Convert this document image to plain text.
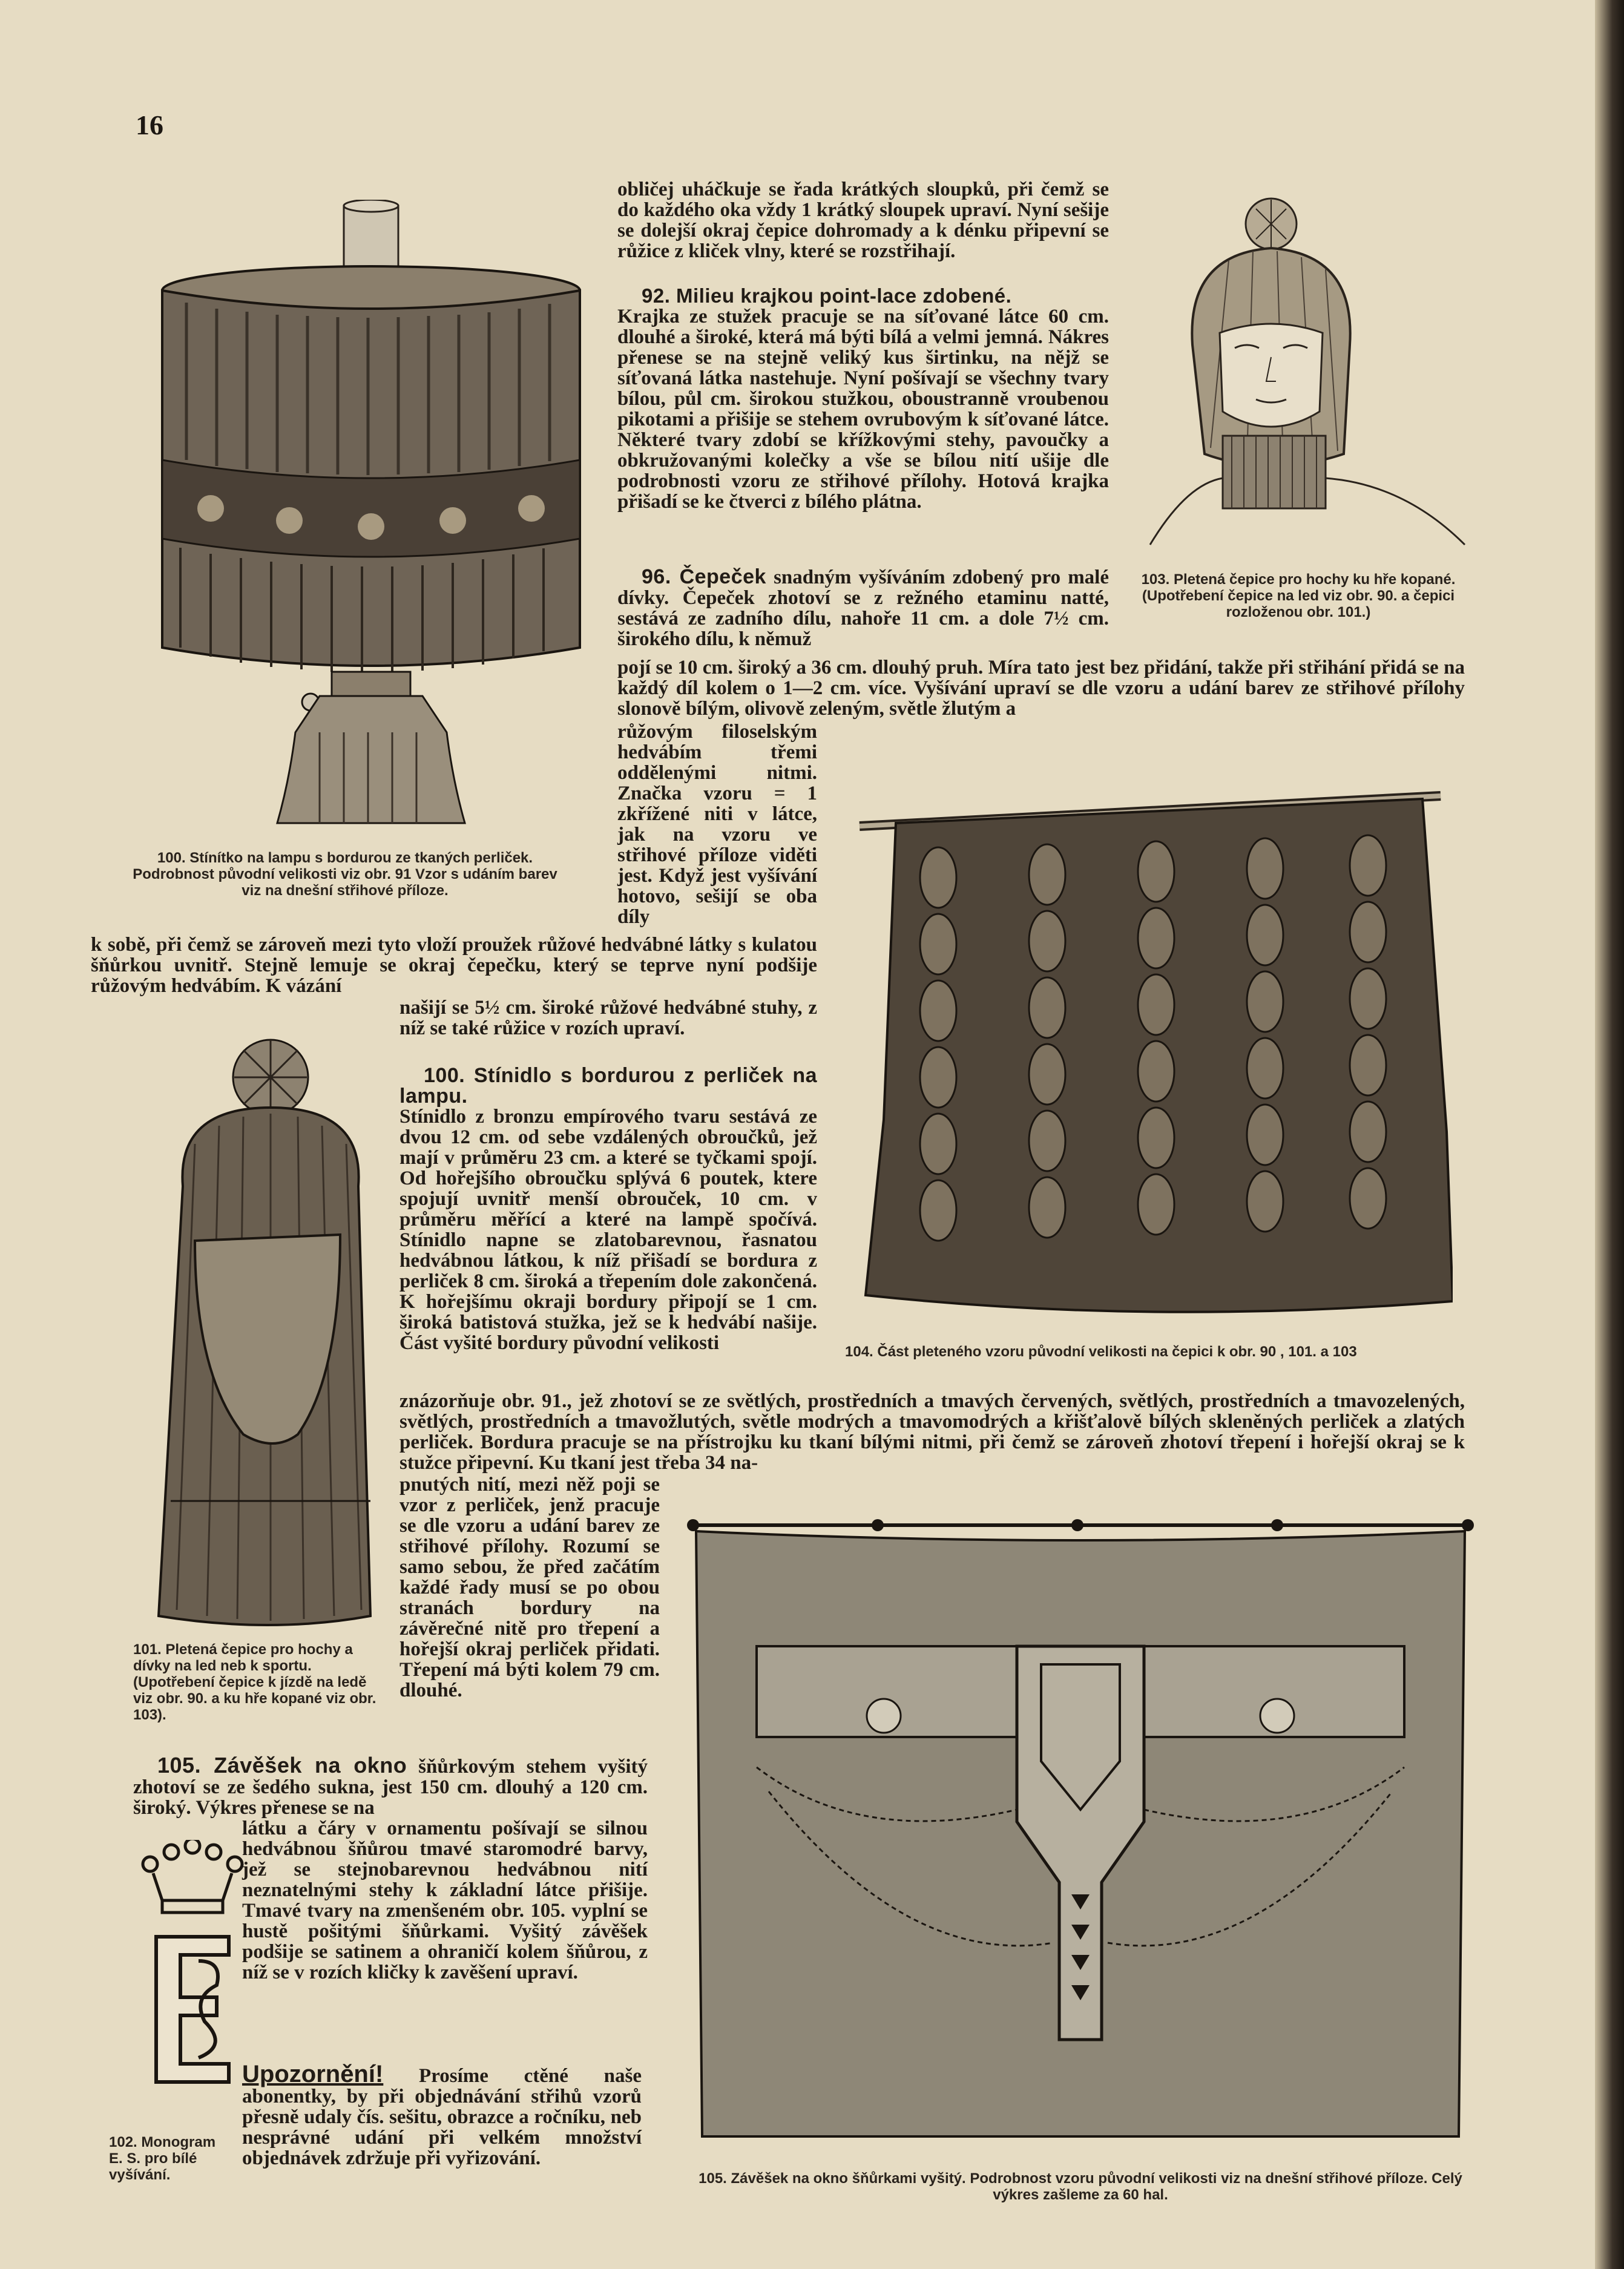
16
100. Stínítko na lampu s bordurou ze tkaných perliček. Podrobnost původní velikosti viz obr. 91 Vzor s udáním barev viz na dnešní střihové příloze.
103. Pletená čepice pro hochy ku hře kopané. (Upotřebení čepice na led viz obr. 90. a čepici rozloženou obr. 101.)
104. Část pleteného vzoru původní velikosti na čepici k obr. 90 , 101. a 103
101. Pletená čepice pro hochy a dívky na led neb k sportu. (Upotřebení čepice k jízdě na ledě viz obr. 90. a ku hře kopané viz obr. 103).
102. Monogram E. S. pro bílé vyšívání.	105. Závěšek na okno šňůrkami vyšitý. Podrobnost vzoru původní velikosti viz na dnešní střihové příloze. Celý výkres zašleme za 60 hal.

obličej uháčkuje se řada krátkých sloupků, při čemž se do každého oka vždy 1 krátký sloupek upraví. Nyní sešije se dolejší okraj čepice dohromady a k dénku připevní se růžice z kliček vlny, které se rozstřihají.

92. Milieu krajkou point-lace zdobené.

Krajka ze stužek pracuje se na síťované látce 60 cm. dlouhé a široké, která má býti bílá a velmi jemná. Nákres přenese se na stejně veliký kus širtinku, na nějž se síťovaná látka nastehuje. Nyní pošívají se všechny tvary bílou, půl cm. širokou stužkou, oboustranně vroubenou pikotami a přišije se stehem ovrubovým k síťované látce. Některé tvary zdobí se křížkovými stehy, pavoučky a obkružovanými kolečky a vše se bílou nití ušije dle podrobnosti vzoru ze střihové přílohy. Hotová krajka přišadí se ke čtverci z bílého plátna.

96. Čepeček snadným vyšíváním zdobený pro malé dívky. Čepeček zhotoví se z režného etaminu natté, sestává ze zadního dílu, nahoře 11 cm. a dole 7½ cm. širokého dílu, k němuž

pojí se 10 cm. široký a 36 cm. dlouhý pruh. Míra tato jest bez přidání, takže při střihání přidá se na každý díl kolem o 1—2 cm. více. Vyšívání upraví se dle vzoru a udání barev ze střihové přílohy slonově bílým, olivově zeleným, světle žlutým a

růžovým filoselským hedvábím třemi oddělenými nitmi. Značka vzoru = 1 zkřížené niti v látce, jak na vzoru ve střihové příloze viděti jest. Když jest vyšívání hotovo, sešijí se oba díly

k sobě, při čemž se zároveň mezi tyto vloží proužek růžové hedvábné látky s kulatou šňůrkou uvnitř. Stejně lemuje se okraj čepečku, který se teprve nyní podšije růžovým hedvábím. K vázání

našijí se 5½ cm. široké růžové hedvábné stuhy, z níž se také růžice v rozích upraví.

100. Stínidlo s bordurou z perliček na lampu.

Stínidlo z bronzu empírového tvaru sestává ze dvou 12 cm. od sebe vzdálených obroučků, jež mají v průměru 23 cm. a které se tyčkami spojí. Od hořejšího obroučku splývá 6 poutek, ktere spojují uvnitř menší obrouček, 10 cm. v průměru měřící a které na lampě spočívá. Stínidlo napne se zlatobarevnou, řasnatou hedvábnou látkou, k níž přišadí se bordura z perliček 8 cm. široká a třepením dole zakončená. K hořejšímu okraji bordury připojí se 1 cm. široká batistová stužka, jež se k hedvábí našije. Část vyšité bordury původní velikosti

znázorňuje obr. 91., jež zhotoví se ze světlých, prostředních a tmavých červených, světlých, prostředních a tmavozelených, světlých, prostředních a tmavožlutých, světle modrých a tmavomodrých a křišťalově bílých skleněných perliček a zlatých perliček. Bordura pracuje se na přístrojku ku tkaní bílými nitmi, při čemž se zároveň zhotoví třepení i hořejší okraj se k stužce připevní. Ku tkaní jest třeba 34 na-

pnutých nití, mezi něž poji se vzor z perliček, jenž pracuje se dle vzoru a udání barev ze střihové přílohy. Rozumí se samo sebou, že před začátím každé řady musí se po obou stranách bordury na závěrečné nitě pro třepení a hořejší okraj perliček přidati. Třepení má býti kolem 79 cm. dlouhé.

105. Závěšek na okno šňůrkovým stehem vyšitý zhotoví se ze šedého sukna, jest 150 cm. dlouhý a 120 cm. široký. Výkres přenese se na

látku a čáry v ornamentu pošívají se silnou hedvábnou šňůrou tmavé staromodré barvy, jež se stejnobarevnou hedvábnou nití neznatelnými stehy k základní látce přišije. Tmavé tvary na zmenšeném obr. 105. vyplní se hustě pošitými šňůrkami. Vyšitý závěšek podšije se satinem a ohraničí kolem šňůrou, z níž se v rozích kličky k zavěšení upraví.

Upozornění! Prosíme ctěné naše abonentky, by při objednávání střihů vzorů přesně udaly čís. sešitu, obrazce a ročníku, neb nesprávné udání při velkém množství objednávek zdržuje při vyřizování.
